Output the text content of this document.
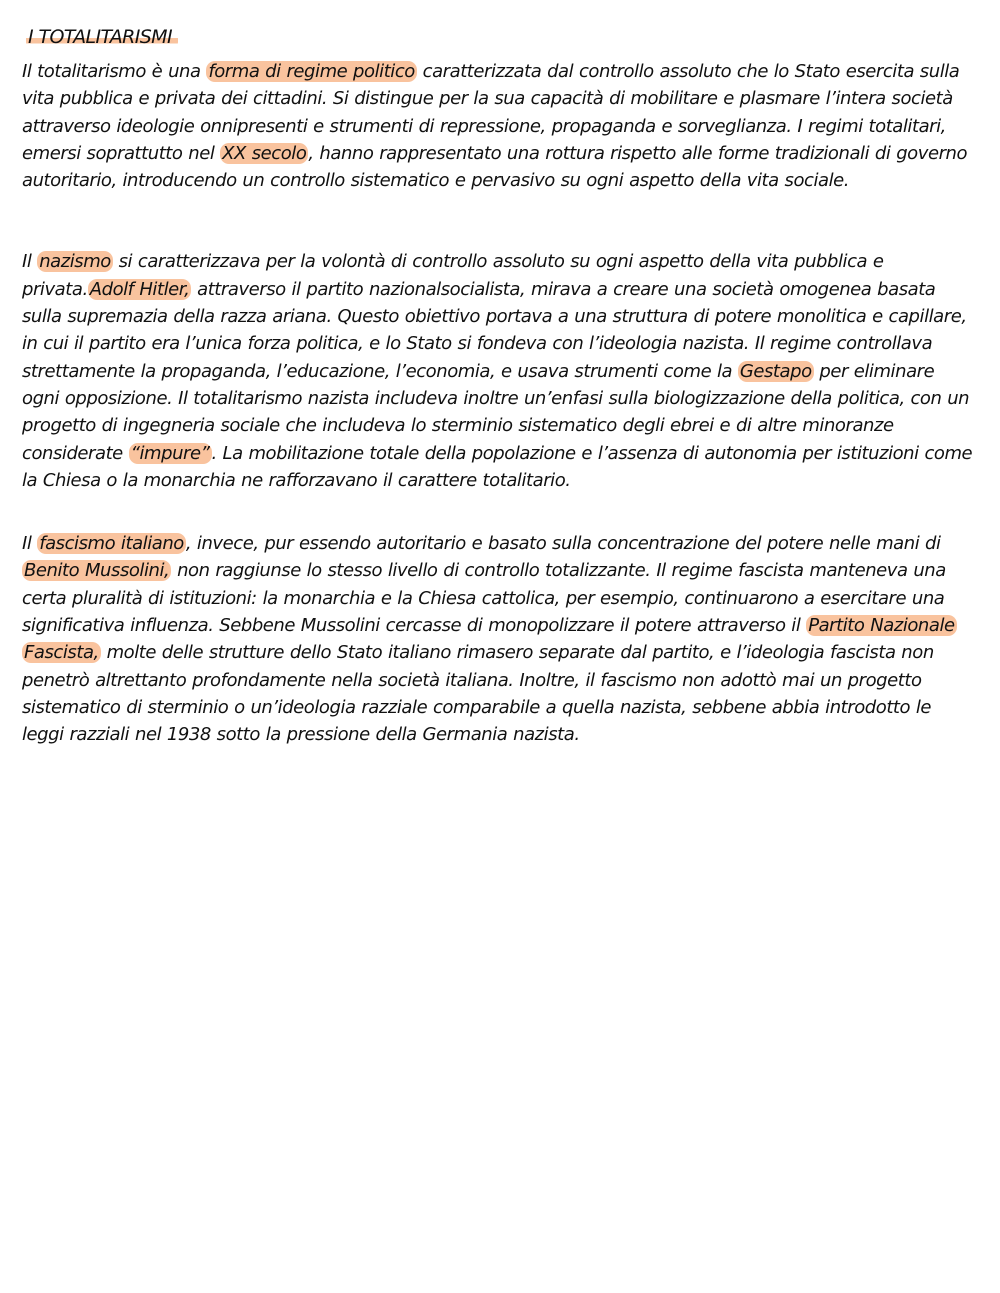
I TOTALITARISMI

Il totalitarismo è una forma di regime politico caratterizzata dal controllo assoluto che lo Stato esercita sulla vita pubblica e privata dei cittadini. Si distingue per la sua capacità di mobilitare e plasmare l’intera società attraverso ideologie onnipresenti e strumenti di repressione, propaganda e sorveglianza. I regimi totalitari, emersi soprattutto nel XX secolo , hanno rappresentato una rottura rispetto alle forme tradizionali di governo autoritario, introducendo un controllo sistematico e pervasivo su ogni aspetto della vita sociale.

Il nazismo si caratterizzava per la volontà di controllo assoluto su ogni aspetto della vita pubblica e privata. Adolf Hitler, attraverso il partito nazionalsocialista, mirava a creare una società omogenea basata sulla supremazia della razza ariana. Questo obiettivo portava a una struttura di potere monolitica e capillare, in cui il partito era l’unica forza politica, e lo Stato si fondeva con l’ideologia nazista. Il regime controllava strettamente la propaganda, l’educazione, l’economia, e usava strumenti come la Gestapo per eliminare ogni opposizione. Il totalitarismo nazista includeva inoltre un’enfasi sulla biologizzazione della politica, con un progetto di ingegneria sociale che includeva lo sterminio sistematico degli ebrei e di altre minoranze considerate “impure” . La mobilitazione totale della popolazione e l’assenza di autonomia per istituzioni come la Chiesa o la monarchia ne rafforzavano il carattere totalitario.

Il fascismo italiano , invece, pur essendo autoritario e basato sulla concentrazione del potere nelle mani di Benito Mussolini, non raggiunse lo stesso livello di controllo totalizzante. Il regime fascista manteneva una certa pluralità di istituzioni: la monarchia e la Chiesa cattolica, per esempio, continuarono a esercitare una significativa influenza. Sebbene Mussolini cercasse di monopolizzare il potere attraverso il Partito Nazionale Fascista, molte delle strutture dello Stato italiano rimasero separate dal partito, e l’ideologia fascista non penetrò altrettanto profondamente nella società italiana. Inoltre, il fascismo non adottò mai un progetto sistematico di sterminio o un’ideologia razziale comparabile a quella nazista, sebbene abbia introdotto le leggi razziali nel 1938 sotto la pressione della Germania nazista.
